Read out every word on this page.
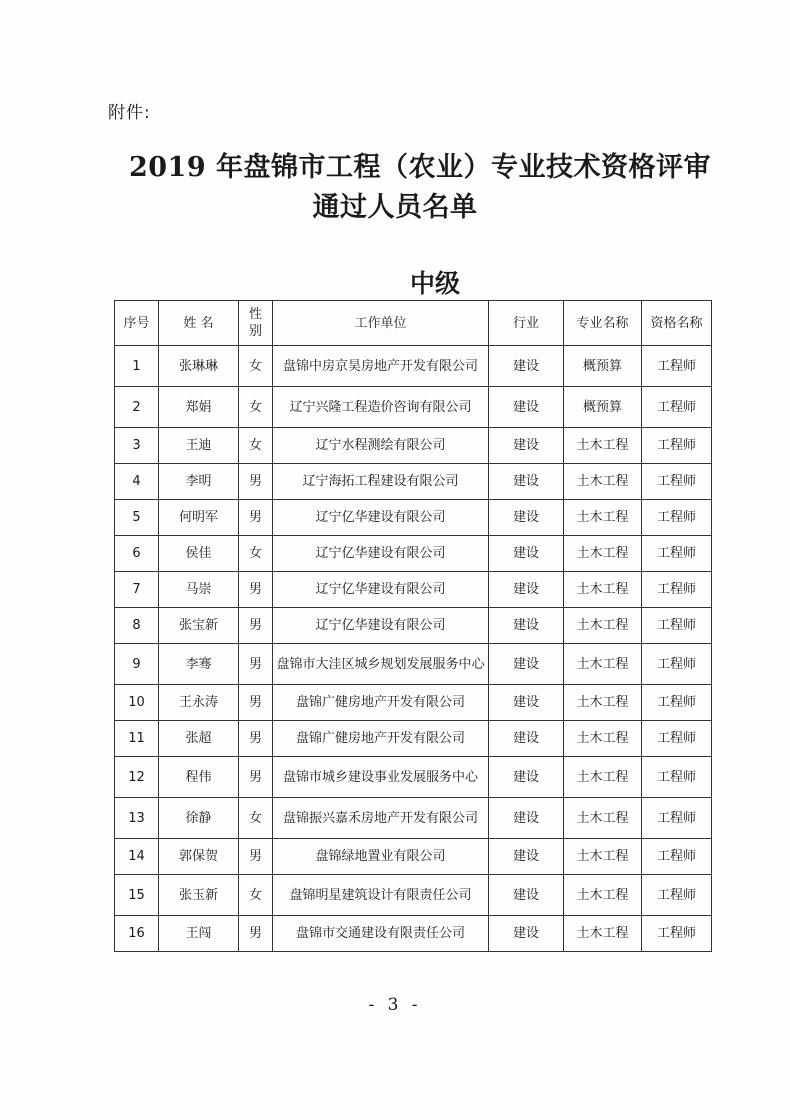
附件:
2019 年盘锦市工程（农业）专业技术资格评审
通过人员名单
中级
序号	姓 名	性别	工作单位	行业	专业名称	资格名称
1	张琳琳	女	盘锦中房京昊房地产开发有限公司	建设	概预算	工程师
2	郑娟	女	辽宁兴隆工程造价咨询有限公司	建设	概预算	工程师
3	王迪	女	辽宁水程测绘有限公司	建设	土木工程	工程师
4	李明	男	辽宁海拓工程建设有限公司	建设	土木工程	工程师
5	何明军	男	辽宁亿华建设有限公司	建设	土木工程	工程师
6	侯佳	女	辽宁亿华建设有限公司	建设	土木工程	工程师
7	马崇	男	辽宁亿华建设有限公司	建设	土木工程	工程师
8	张宝新	男	辽宁亿华建设有限公司	建设	土木工程	工程师
9	李骞	男	盘锦市大洼区城乡规划发展服务中心	建设	土木工程	工程师
10	王永涛	男	盘锦广健房地产开发有限公司	建设	土木工程	工程师
11	张超	男	盘锦广健房地产开发有限公司	建设	土木工程	工程师
12	程伟	男	盘锦市城乡建设事业发展服务中心	建设	土木工程	工程师
13	徐静	女	盘锦振兴嘉禾房地产开发有限公司	建设	土木工程	工程师
14	郭保贺	男	盘锦绿地置业有限公司	建设	土木工程	工程师
15	张玉新	女	盘锦明星建筑设计有限责任公司	建设	土木工程	工程师
16	王闯	男	盘锦市交通建设有限责任公司	建设	土木工程	工程师
- 3 -
